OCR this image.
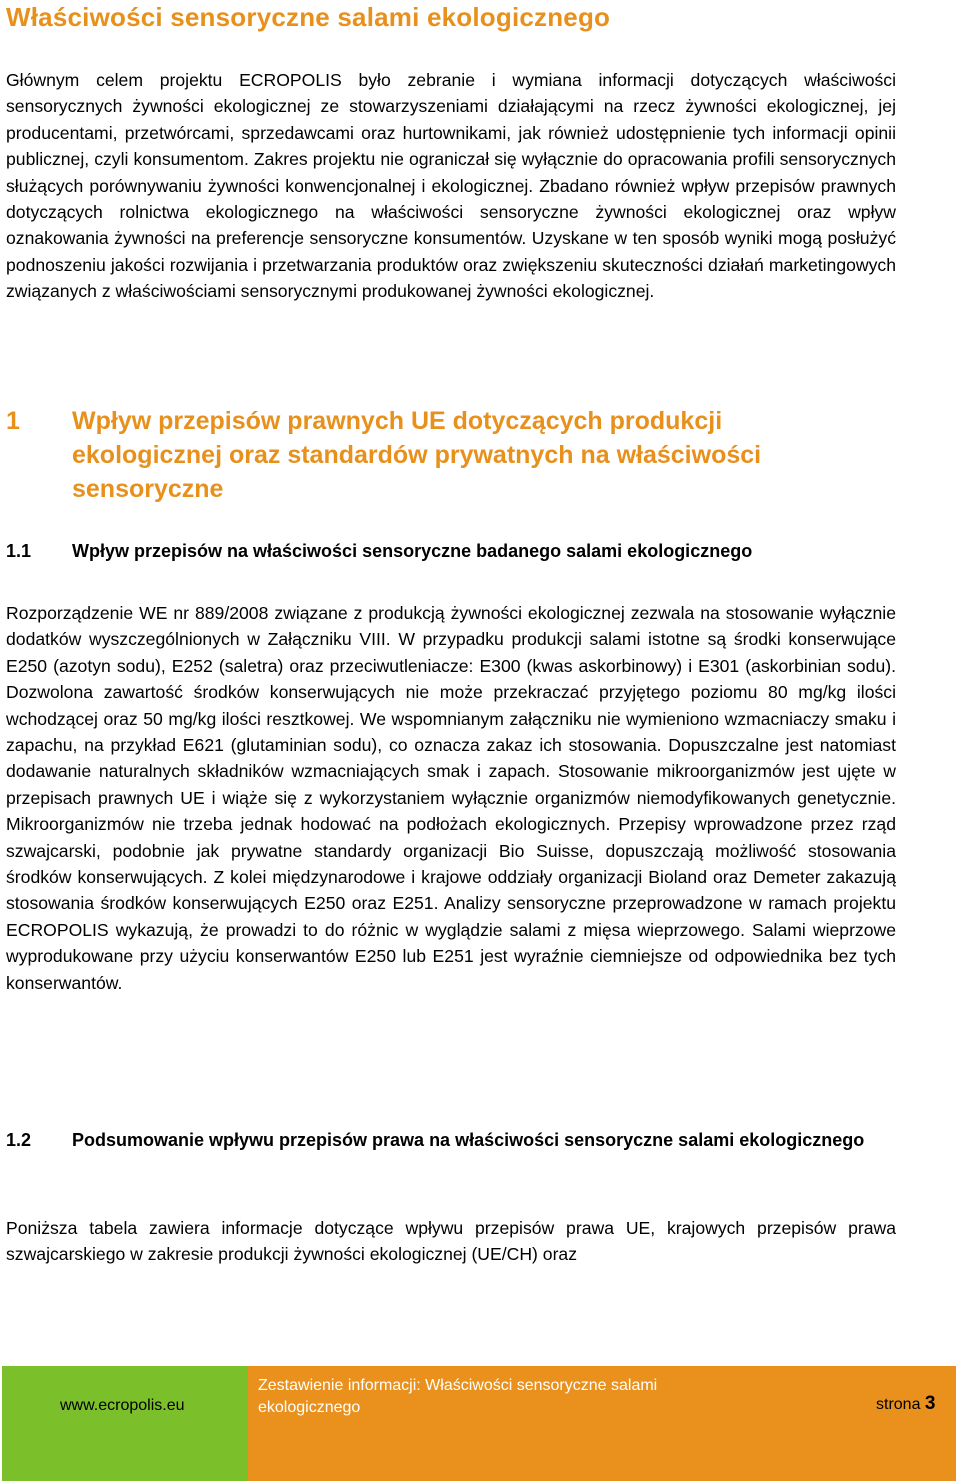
Właściwości sensoryczne salami ekologicznego

Głównym celem projektu ECROPOLIS było zebranie i wymiana informacji dotyczących właściwości sensorycznych żywności ekologicznej ze stowarzyszeniami działającymi na rzecz żywności ekologicznej, jej producentami, przetwórcami, sprzedawcami oraz hurtownikami, jak również udostępnienie tych informacji opinii publicznej, czyli konsumentom. Zakres projektu nie ograniczał się wyłącznie do opracowania profili sensorycznych służących porównywaniu żywności konwencjonalnej i ekologicznej. Zbadano również wpływ przepisów prawnych dotyczących rolnictwa ekologicznego na właściwości sensoryczne żywności ekologicznej oraz wpływ oznakowania żywności na preferencje sensoryczne konsumentów. Uzyskane w ten sposób wyniki mogą posłużyć podnoszeniu jakości rozwijania i przetwarzania produktów oraz zwiększeniu skuteczności działań marketingowych związanych z właściwościami sensorycznymi produkowanej żywności ekologicznej.

1 Wpływ przepisów prawnych UE dotyczących produkcji ekologicznej oraz standardów prywatnych na właściwości sensoryczne
1.1 Wpływ przepisów na właściwości sensoryczne badanego salami ekologicznego

Rozporządzenie WE nr 889/2008 związane z produkcją żywności ekologicznej zezwala na stosowanie wyłącznie dodatków wyszczególnionych w Załączniku VIII. W przypadku produkcji salami istotne są środki konserwujące E250 (azotyn sodu), E252 (saletra) oraz przeciwutleniacze: E300 (kwas askorbinowy) i E301 (askorbinian sodu). Dozwolona zawartość środków konserwujących nie może przekraczać przyjętego poziomu 80 mg/kg ilości wchodzącej oraz 50 mg/kg ilości resztkowej. We wspomnianym załączniku nie wymieniono wzmacniaczy smaku i zapachu, na przykład E621 (glutaminian sodu), co oznacza zakaz ich stosowania. Dopuszczalne jest natomiast dodawanie naturalnych składników wzmacniających smak i zapach. Stosowanie mikroorganizmów jest ujęte w przepisach prawnych UE i wiąże się z wykorzystaniem wyłącznie organizmów niemodyfikowanych genetycznie. Mikroorganizmów nie trzeba jednak hodować na podłożach ekologicznych. Przepisy wprowadzone przez rząd szwajcarski, podobnie jak prywatne standardy organizacji Bio Suisse, dopuszczają możliwość stosowania środków konserwujących. Z kolei międzynarodowe i krajowe oddziały organizacji Bioland oraz Demeter zakazują stosowania środków konserwujących E250 oraz E251. Analizy sensoryczne przeprowadzone w ramach projektu ECROPOLIS wykazują, że prowadzi to do różnic w wyglądzie salami z mięsa wieprzowego. Salami wieprzowe wyprodukowane przy użyciu konserwantów E250 lub E251 jest wyraźnie ciemniejsze od odpowiednika bez tych konserwantów.

1.2 Podsumowanie wpływu przepisów prawa na właściwości sensoryczne salami ekologicznego

Poniższa tabela zawiera informacje dotyczące wpływu przepisów prawa UE, krajowych przepisów prawa szwajcarskiego w zakresie produkcji żywności ekologicznej (UE/CH) oraz

www.ecropolis.eu
Zestawienie informacji: Właściwości sensoryczne salami ekologicznego	strona 3
